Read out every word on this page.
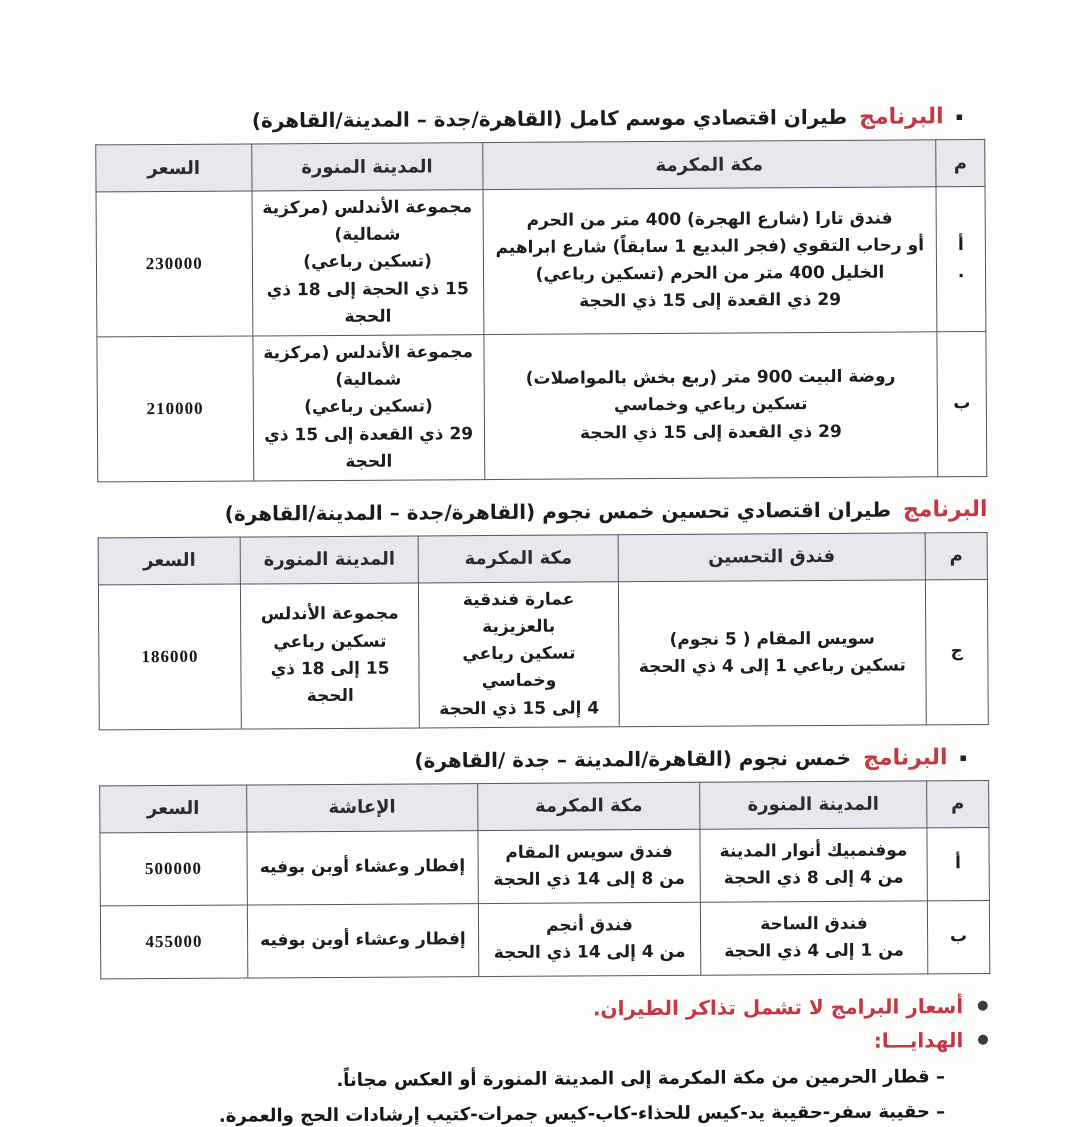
▪
البرنامج
طيران اقتصادي موسم كامل (القاهرة/جدة – المدينة/القاهرة)
م	مكة المكرمة	المدينة المنورة	السعر
أ
.	فندق تارا (شارع الهجرة) 400 متر من الحرم
أو رحاب التقوي (فجر البديع 1 سابقاً) شارع ابراهيم
الخليل 400 متر من الحرم (تسكين رباعي)
29 ذي القعدة إلى 15 ذي الحجة	مجموعة الأندلس (مركزية شمالية)
(تسكين رباعي)
15 ذي الحجة إلى 18 ذي الحجة	230000
ب	روضة البيت 900 متر (ربع بخش بالمواصلات)
تسكين رباعي وخماسي
29 ذي القعدة إلى 15 ذي الحجة	مجموعة الأندلس (مركزية شمالية)
(تسكين رباعي)
29 ذي القعدة إلى 15 ذي الحجة	210000
البرنامج
طيران اقتصادي تحسين خمس نجوم (القاهرة/جدة – المدينة/القاهرة)
م	فندق التحسين	مكة المكرمة	المدينة المنورة	السعر
ج	سويس المقام ( 5 نجوم)
تسكين رباعي 1 إلى 4 ذي الحجة	عمارة فندقية بالعزيزية
تسكين رباعي وخماسي
4 إلى 15 ذي الحجة	مجموعة الأندلس
تسكين رباعي
15 إلى 18 ذي الحجة	186000
▪
البرنامج
خمس نجوم (القاهرة/المدينة – جدة /القاهرة)
م	المدينة المنورة	مكة المكرمة	الإعاشة	السعر
أ	موفنمبيك أنوار المدينة
من 4 إلى 8 ذي الحجة	فندق سويس المقام
من 8 إلى 14 ذي الحجة	إفطار وعشاء أوبن بوفيه	500000
ب	فندق الساحة
من 1 إلى 4 ذي الحجة	فندق أنجم
من 4 إلى 14 ذي الحجة	إفطار وعشاء أوبن بوفيه	455000
●
أسعار البرامج لا تشمل تذاكر الطيران.
●
الهدايـــا:
– قطار الحرمين من مكة المكرمة إلى المدينة المنورة أو العكس مجاناً.
– حقيبة سفر-حقيبة يد-كيس للحذاء-كاب-كيس جمرات-كتيب إرشادات الحج والعمرة.
